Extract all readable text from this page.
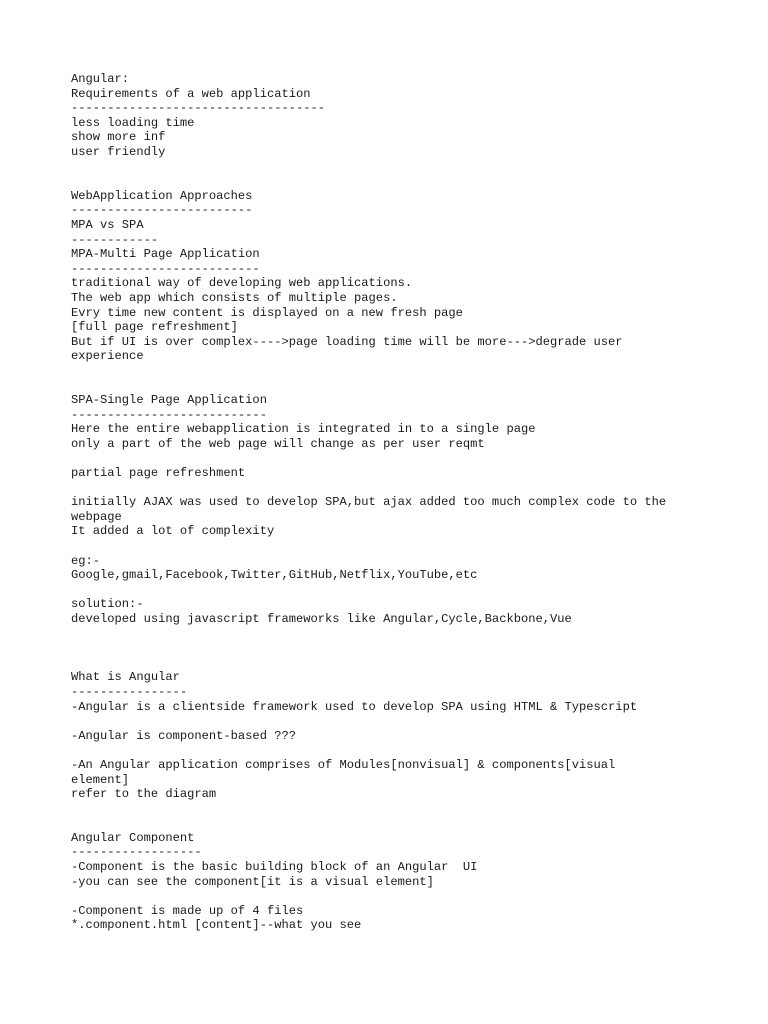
Angular:
Requirements of a web application
-----------------------------------
less loading time
show more inf
user friendly
WebApplication Approaches
-------------------------
MPA vs SPA
------------
MPA-Multi Page Application
--------------------------
traditional way of developing web applications.
The web app which consists of multiple pages.
Evry time new content is displayed on a new fresh page
[full page refreshment]
But if UI is over complex---->page loading time will be more--->degrade user
experience
SPA-Single Page Application
---------------------------
Here the entire webapplication is integrated in to a single page
only a part of the web page will change as per user reqmt
partial page refreshment
initially AJAX was used to develop SPA,but ajax added too much complex code to the
webpage
It added a lot of complexity
eg:-
Google,gmail,Facebook,Twitter,GitHub,Netflix,YouTube,etc
solution:-
developed using javascript frameworks like Angular,Cycle,Backbone,Vue
What is Angular
----------------
-Angular is a clientside framework used to develop SPA using HTML & Typescript
-Angular is component-based ???
-An Angular application comprises of Modules[nonvisual] & components[visual
element]
refer to the diagram
Angular Component
------------------
-Component is the basic building block of an Angular  UI
-you can see the component[it is a visual element]
-Component is made up of 4 files
*.component.html [content]--what you see
